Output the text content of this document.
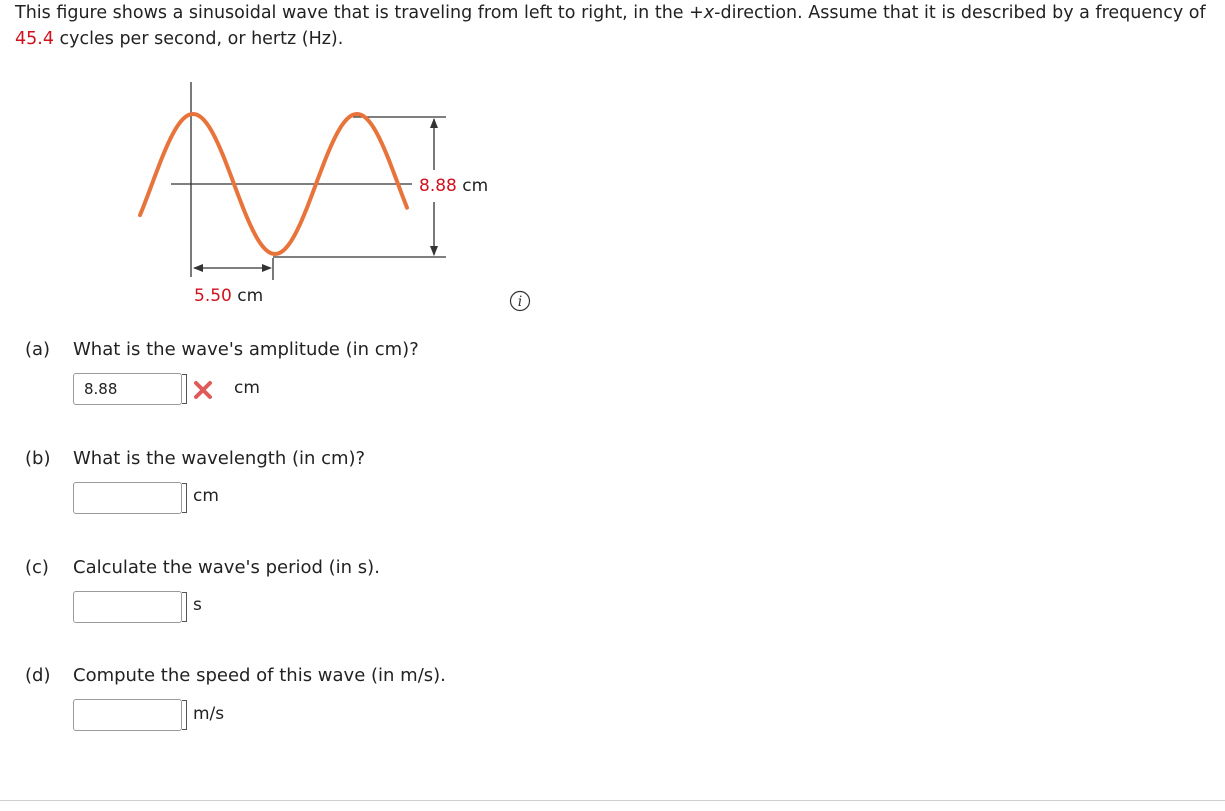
This figure shows a sinusoidal wave that is traveling from left to right, in the +x-direction. Assume that it is described by a frequency of 45.4 cycles per second, or hertz (Hz).
8.88 cm
5.50 cm	i
(a) What is the wave's amplitude (in cm)?
8.88
cm
(b) What is the wavelength (in cm)?
cm
(c) Calculate the wave's period (in s).
s
(d) Compute the speed of this wave (in m/s).
m/s
